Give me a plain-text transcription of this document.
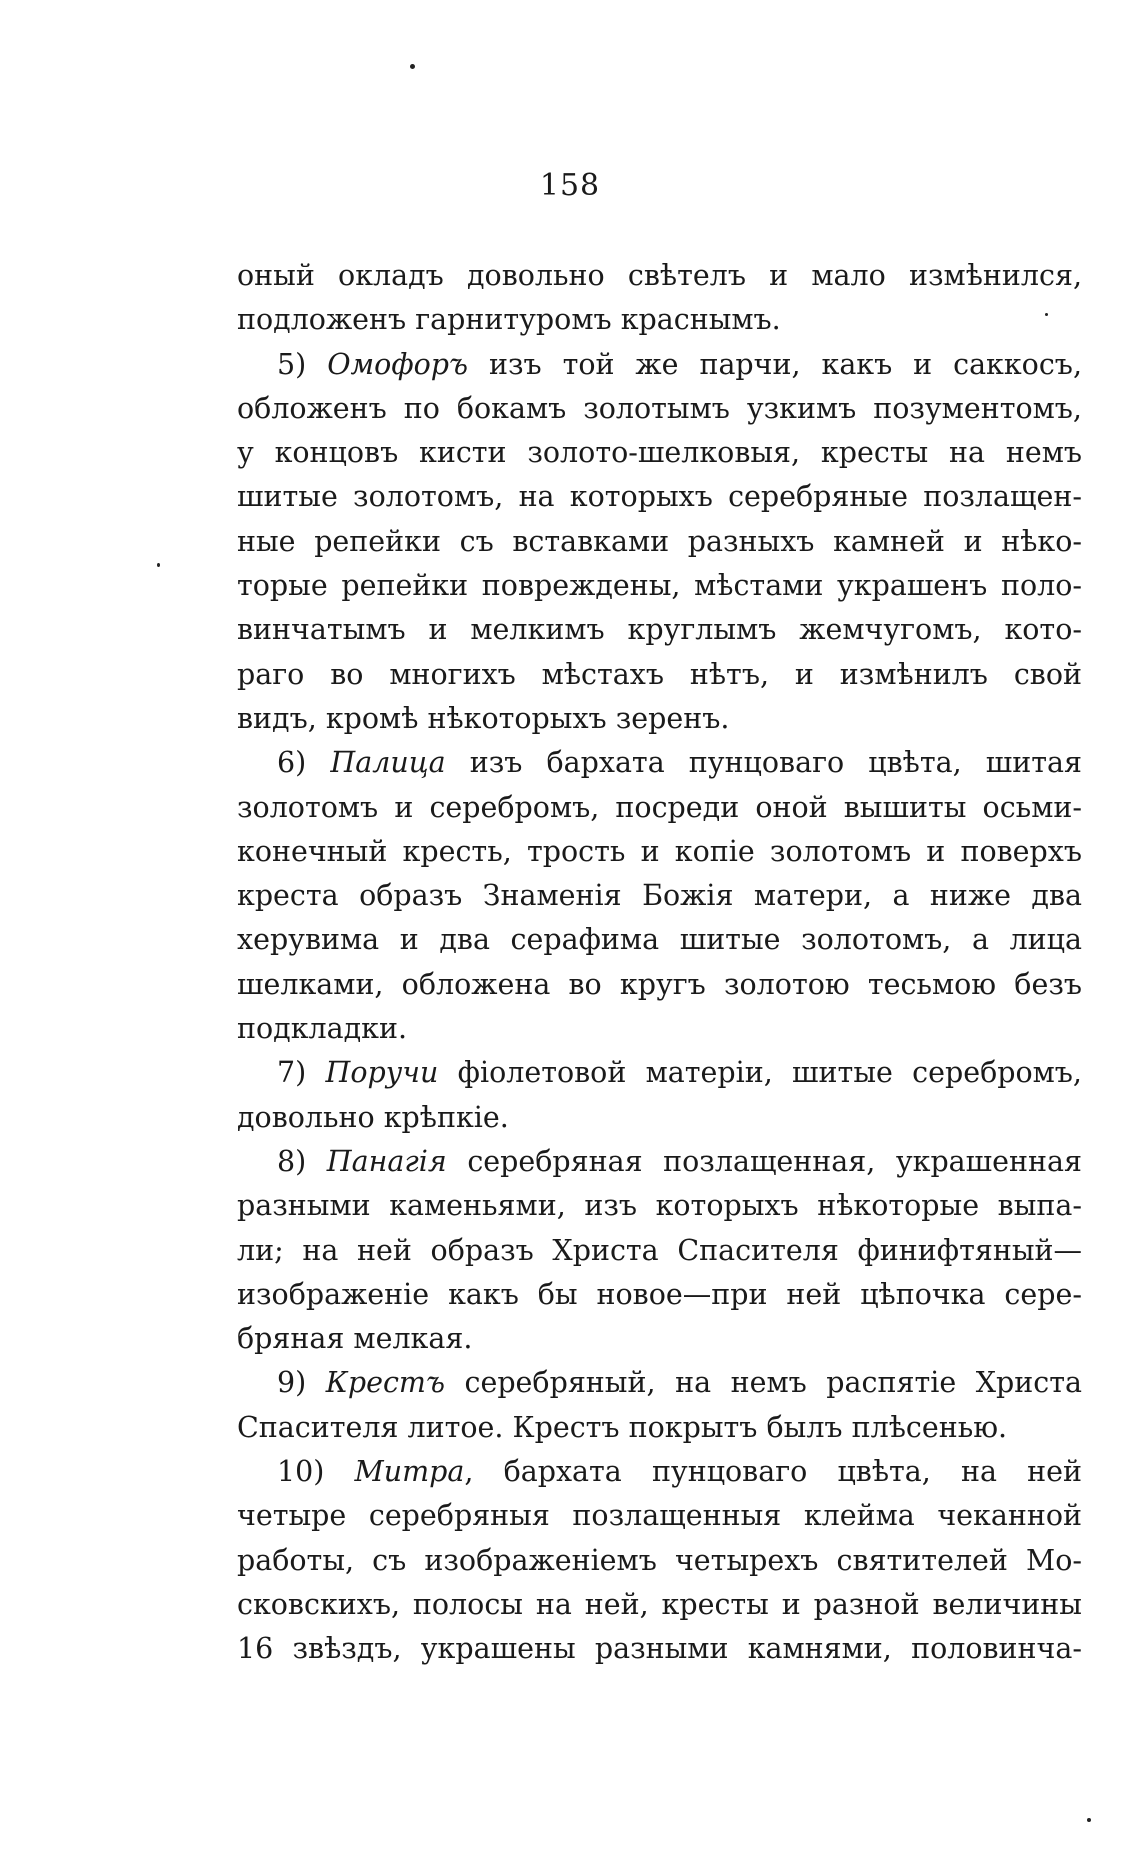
158
оный окладъ довольно свѣтелъ и мало измѣнился,
подложенъ гарнитуромъ краснымъ.
5) Омофоръ изъ той же парчи, какъ и саккосъ,
обложенъ по бокамъ золотымъ узкимъ позументомъ,
у концовъ кисти золото-шелковыя, кресты на немъ
шитые золотомъ, на которыхъ серебряные позлащен-
ные репейки съ вставками разныхъ камней и нѣко-
торые репейки повреждены, мѣстами украшенъ поло-
винчатымъ и мелкимъ круглымъ жемчугомъ, кото-
раго во многихъ мѣстахъ нѣтъ, и измѣнилъ свой
видъ, кромѣ нѣкоторыхъ зеренъ.
6) Палица изъ бархата пунцоваго цвѣта, шитая
золотомъ и серебромъ, посреди оной вышиты осьми-
конечный кресть, трость и копіе золотомъ и поверхъ
креста образъ Знаменія Божія матери, а ниже два
херувима и два серафима шитые золотомъ, а лица
шелками, обложена во кругъ золотою тесьмою безъ
подкладки.
7) Поручи фіолетовой матеріи, шитые серебромъ,
довольно крѣпкіе.
8) Панагія серебряная позлащенная, украшенная
разными каменьями, изъ которыхъ нѣкоторые выпа-
ли; на ней образъ Христа Спасителя финифтяный—
изображеніе какъ бы новое—при ней цѣпочка сере-
бряная мелкая.
9) Крестъ серебряный, на немъ распятіе Христа
Спасителя литое. Крестъ покрытъ былъ плѣсенью.
10) Митра, бархата пунцоваго цвѣта, на ней
четыре серебряныя позлащенныя клейма чеканной
работы, съ изображеніемъ четырехъ святителей Мо-
сковскихъ, полосы на ней, кресты и разной величины
16 звѣздъ, украшены разными камнями, половинча-
